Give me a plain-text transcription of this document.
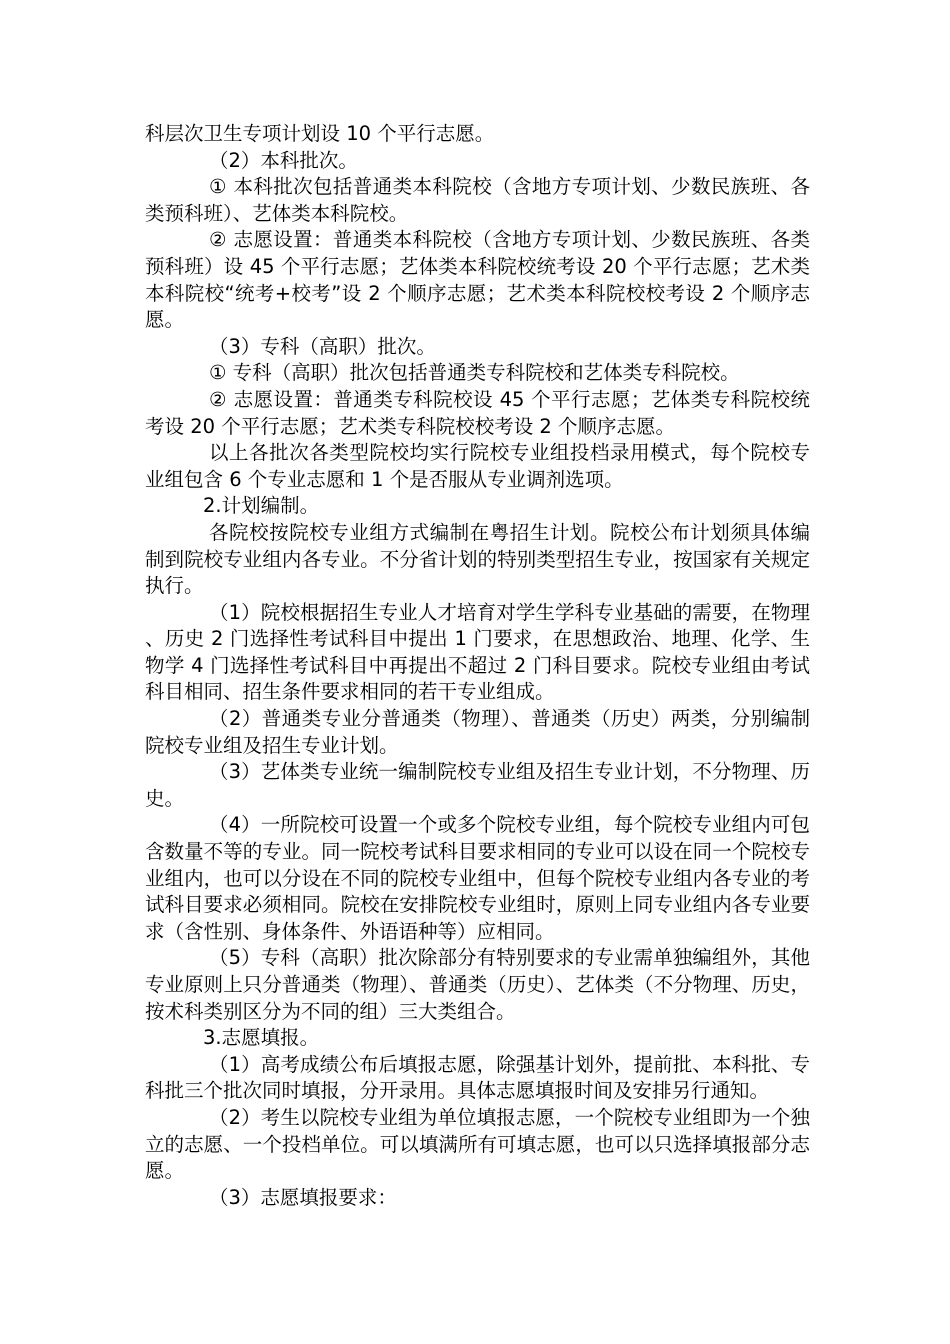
科层次卫生专项计划设 10 个平行志愿。

（2）本科批次。

① 本科批次包括普通类本科院校（含地方专项计划、少数民族班、各类预科班）、艺体类本科院校。

② 志愿设置：普通类本科院校（含地方专项计划、少数民族班、各类预科班）设 45 个平行志愿；艺体类本科院校统考设 20 个平行志愿；艺术类本科院校“统考+校考”设 2 个顺序志愿；艺术类本科院校校考设 2 个顺序志愿。

（3）专科（高职）批次。

① 专科（高职）批次包括普通类专科院校和艺体类专科院校。

② 志愿设置：普通类专科院校设 45 个平行志愿；艺体类专科院校统考设 20 个平行志愿；艺术类专科院校校考设 2 个顺序志愿。

以上各批次各类型院校均实行院校专业组投档录用模式，每个院校专业组包含 6 个专业志愿和 1 个是否服从专业调剂选项。

2.计划编制。

各院校按院校专业组方式编制在粤招生计划。院校公布计划须具体编制到院校专业组内各专业。不分省计划的特别类型招生专业，按国家有关规定执行。

（1）院校根据招生专业人才培育对学生学科专业基础的需要，在物理、历史 2 门选择性考试科目中提出 1 门要求，在思想政治、地理、化学、生物学 4 门选择性考试科目中再提出不超过 2 门科目要求。院校专业组由考试科目相同、招生条件要求相同的若干专业组成。

（2）普通类专业分普通类（物理）、普通类（历史）两类，分别编制院校专业组及招生专业计划。

（3）艺体类专业统一编制院校专业组及招生专业计划，不分物理、历史。

（4）一所院校可设置一个或多个院校专业组，每个院校专业组内可包含数量不等的专业。同一院校考试科目要求相同的专业可以设在同一个院校专业组内，也可以分设在不同的院校专业组中，但每个院校专业组内各专业的考试科目要求必须相同。院校在安排院校专业组时，原则上同专业组内各专业要求（含性别、身体条件、外语语种等）应相同。

（5）专科（高职）批次除部分有特别要求的专业需单独编组外，其他专业原则上只分普通类（物理）、普通类（历史）、艺体类（不分物理、历史，按术科类别区分为不同的组）三大类组合。

3.志愿填报。

（1）高考成绩公布后填报志愿，除强基计划外，提前批、本科批、专科批三个批次同时填报，分开录用。具体志愿填报时间及安排另行通知。

（2）考生以院校专业组为单位填报志愿，一个院校专业组即为一个独立的志愿、一个投档单位。可以填满所有可填志愿，也可以只选择填报部分志愿。

（3）志愿填报要求：
